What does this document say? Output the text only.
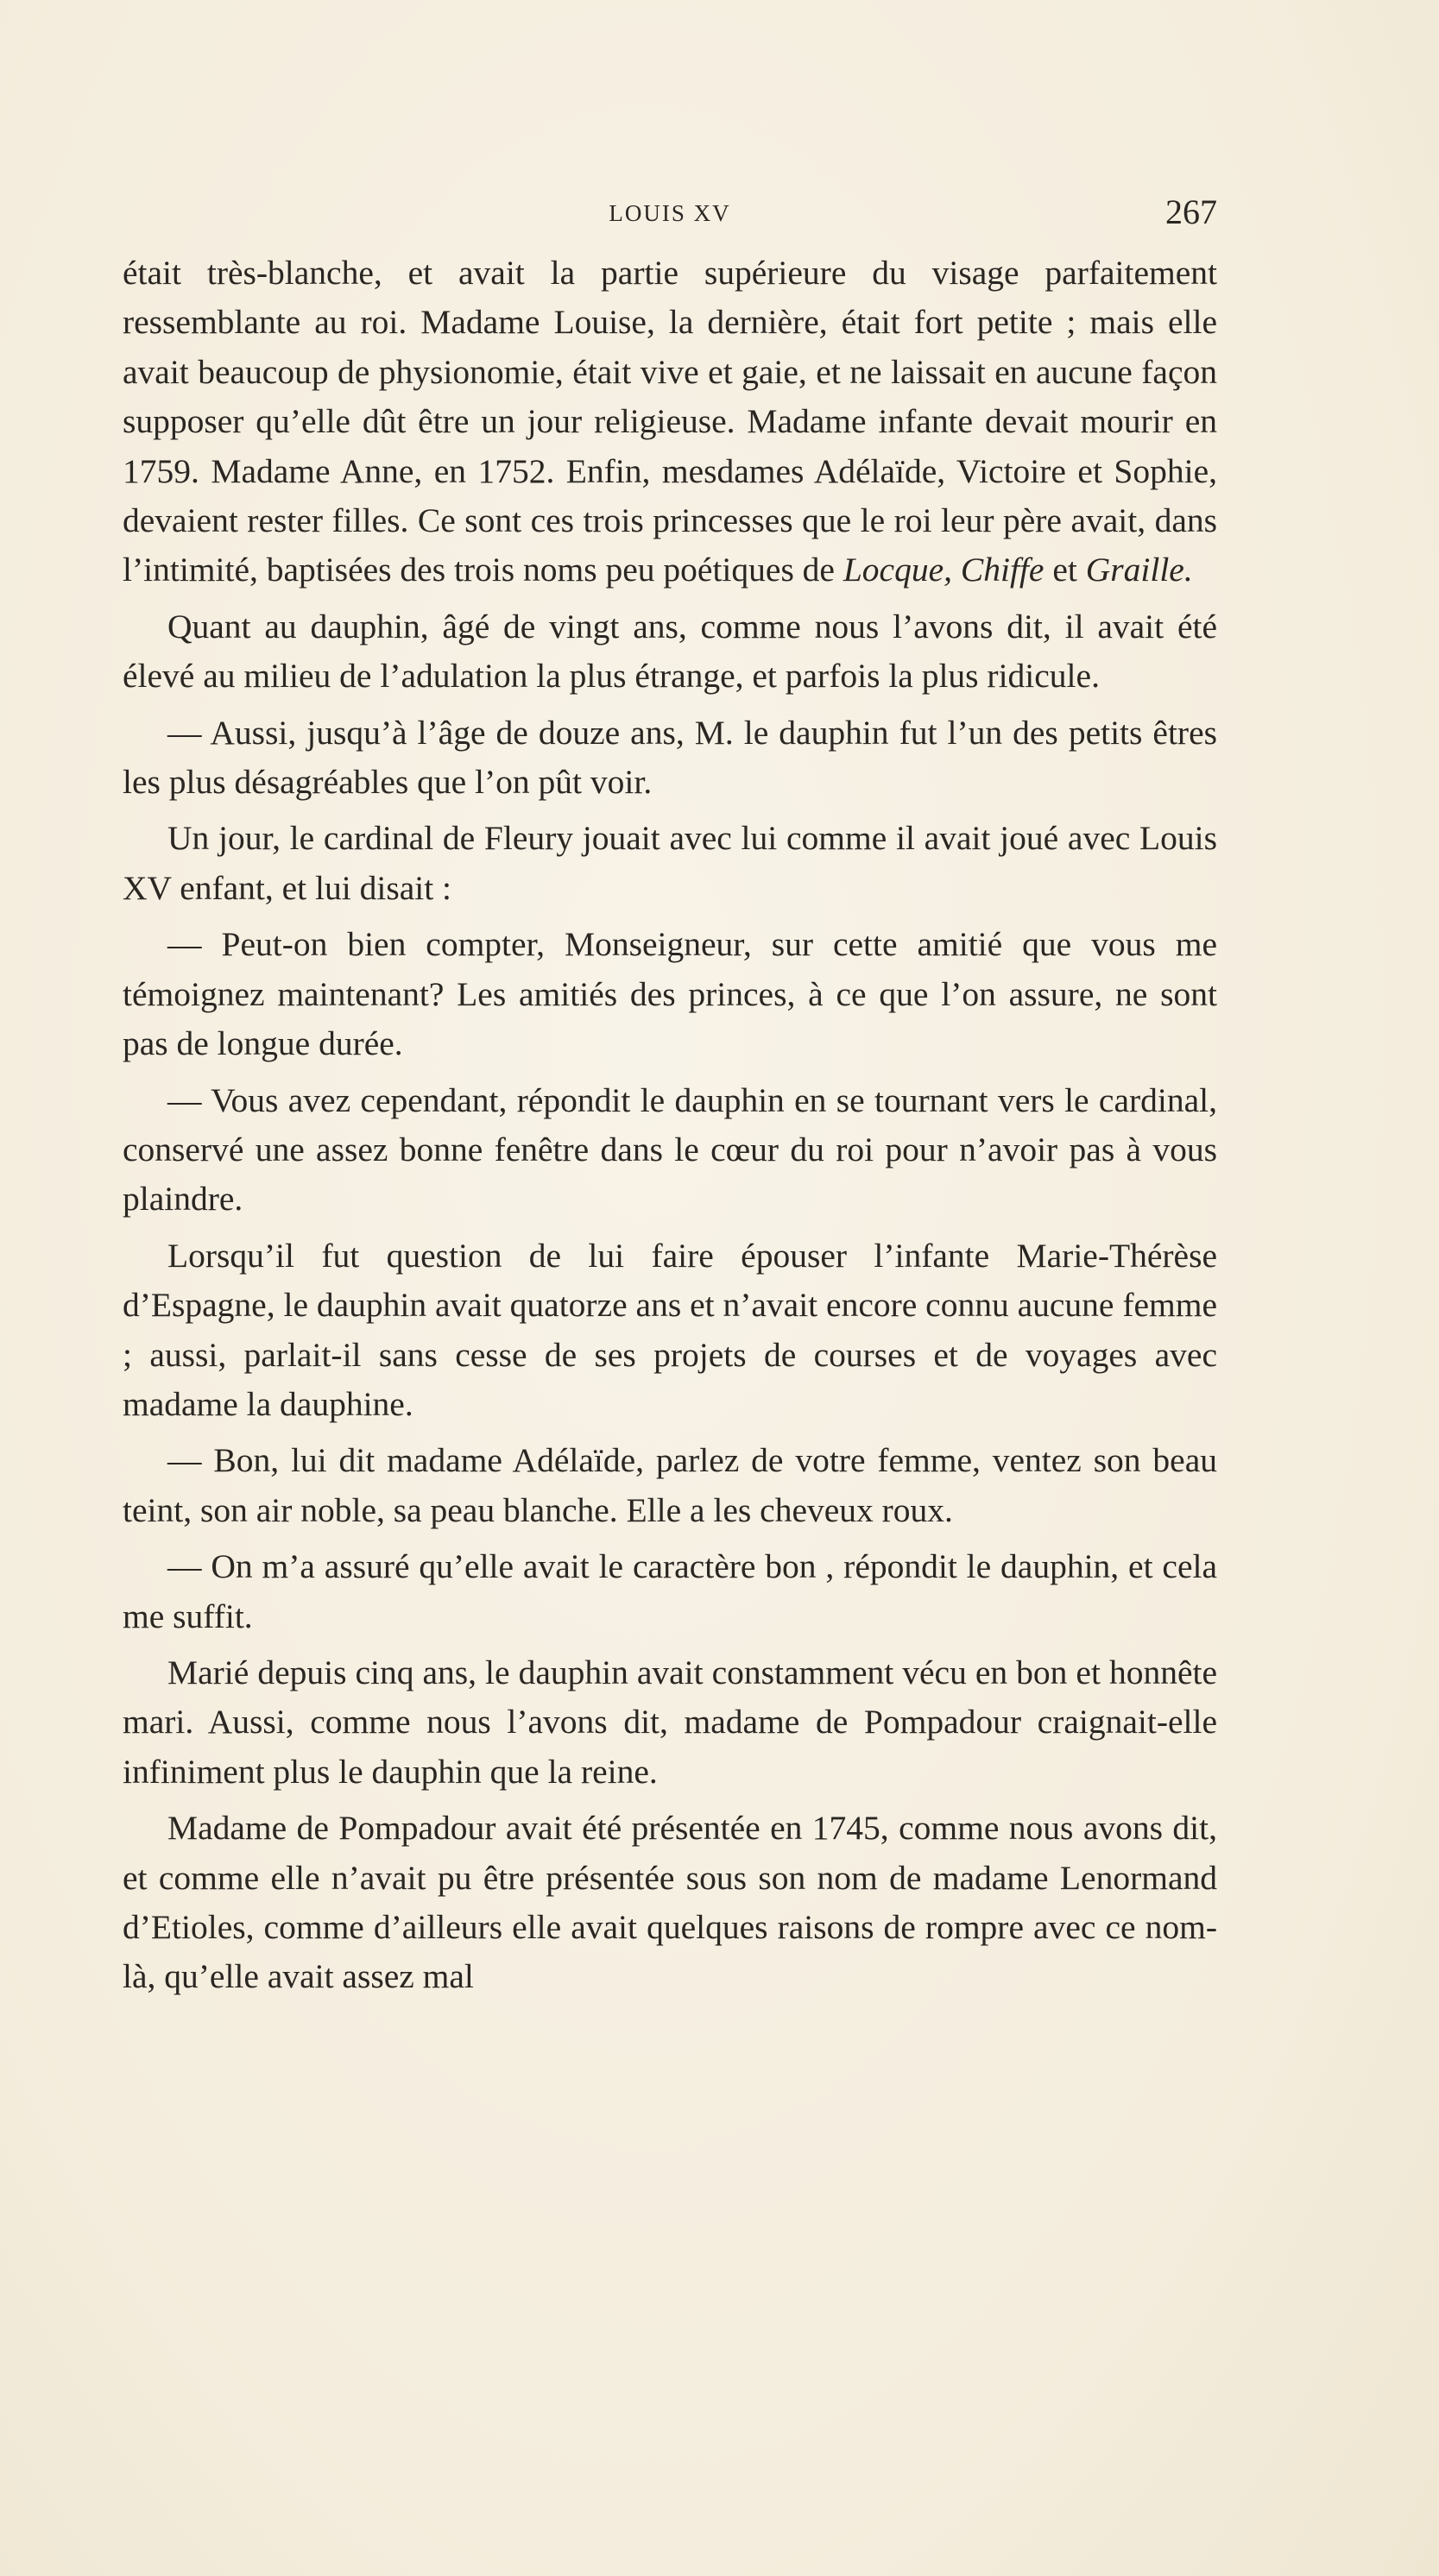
LOUIS XV	267

était très-blanche, et avait la partie supérieure du visage parfaitement ressemblante au roi. Madame Louise, la dernière, était fort petite ; mais elle avait beaucoup de physionomie, était vive et gaie, et ne laissait en aucune façon supposer qu’elle dût être un jour religieuse. Madame infante devait mourir en 1759. Madame Anne, en 1752. Enfin, mesdames Adélaïde, Victoire et Sophie, devaient rester filles. Ce sont ces trois princesses que le roi leur père avait, dans l’intimité, baptisées des trois noms peu poétiques de Locque, Chiffe et Graille.

Quant au dauphin, âgé de vingt ans, comme nous l’avons dit, il avait été élevé au milieu de l’adulation la plus étrange, et parfois la plus ridicule.

— Aussi, jusqu’à l’âge de douze ans, M. le dauphin fut l’un des petits êtres les plus désagréables que l’on pût voir.

Un jour, le cardinal de Fleury jouait avec lui comme il avait joué avec Louis XV enfant, et lui disait :

— Peut-on bien compter, Monseigneur, sur cette amitié que vous me témoignez maintenant? Les amitiés des princes, à ce que l’on assure, ne sont pas de longue durée.

— Vous avez cependant, répondit le dauphin en se tournant vers le cardinal, conservé une assez bonne fenêtre dans le cœur du roi pour n’avoir pas à vous plaindre.

Lorsqu’il fut question de lui faire épouser l’infante Marie-Thérèse d’Espagne, le dauphin avait quatorze ans et n’avait encore connu aucune femme ; aussi, parlait-il sans cesse de ses projets de courses et de voyages avec madame la dauphine.

— Bon, lui dit madame Adélaïde, parlez de votre femme, ventez son beau teint, son air noble, sa peau blanche. Elle a les cheveux roux.

— On m’a assuré qu’elle avait le caractère bon , répondit le dauphin, et cela me suffit.

Marié depuis cinq ans, le dauphin avait constamment vécu en bon et honnête mari. Aussi, comme nous l’avons dit, madame de Pompadour craignait-elle infiniment plus le dauphin que la reine.

Madame de Pompadour avait été présentée en 1745, comme nous avons dit, et comme elle n’avait pu être présentée sous son nom de madame Lenormand d’Etioles, comme d’ailleurs elle avait quelques raisons de rompre avec ce nom-là, qu’elle avait assez mal
